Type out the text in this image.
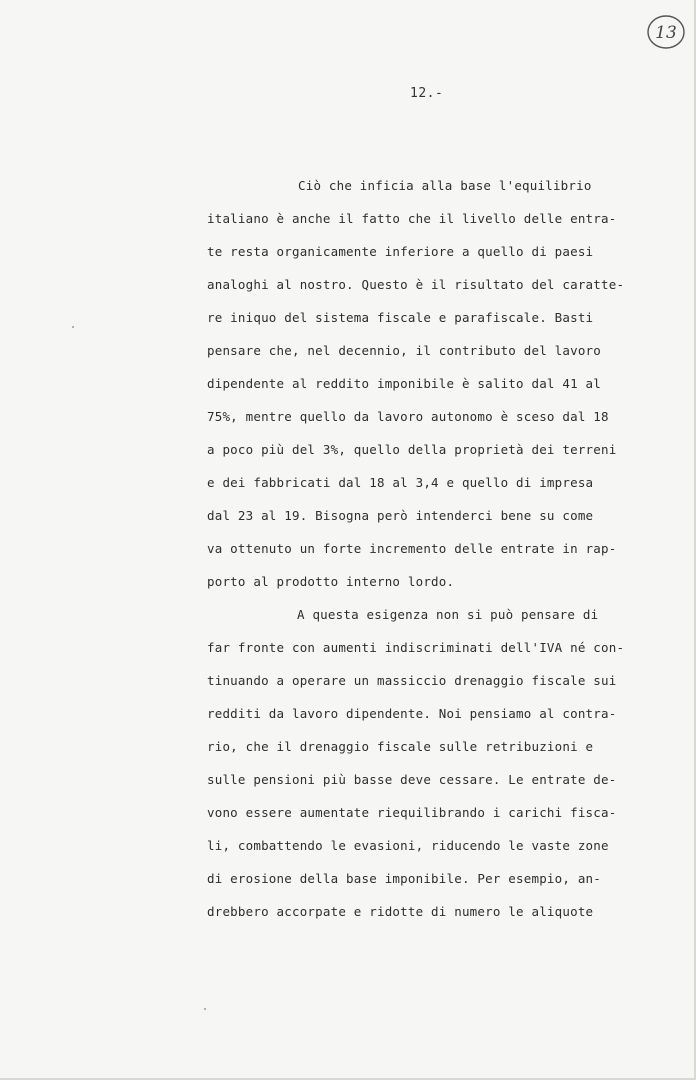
13
12.-
Ciò che inficia alla base l'equilibrio
italiano è anche il fatto che il livello delle entra-
te resta organicamente inferiore a quello di paesi
analoghi al nostro. Questo è il risultato del caratte-
re iniquo del sistema fiscale e parafiscale. Basti
pensare che, nel decennio, il contributo del lavoro
dipendente al reddito imponibile è salito dal 41 al
75%, mentre quello da lavoro autonomo è sceso dal 18
a poco più del 3%, quello della proprietà dei terreni
e dei fabbricati dal 18 al 3,4 e quello di impresa
dal 23 al 19. Bisogna però intenderci bene su come
va ottenuto un forte incremento delle entrate in rap-
porto al prodotto interno lordo.
A questa esigenza non si può pensare di
far fronte con aumenti indiscriminati dell'IVA né con-
tinuando a operare un massiccio drenaggio fiscale sui
redditi da lavoro dipendente. Noi pensiamo al contra-
rio, che il drenaggio fiscale sulle retribuzioni e
sulle pensioni più basse deve cessare. Le entrate de-
vono essere aumentate riequilibrando i carichi fisca-
li, combattendo le evasioni, riducendo le vaste zone
di erosione della base imponibile. Per esempio, an-
drebbero accorpate e ridotte di numero le aliquote
